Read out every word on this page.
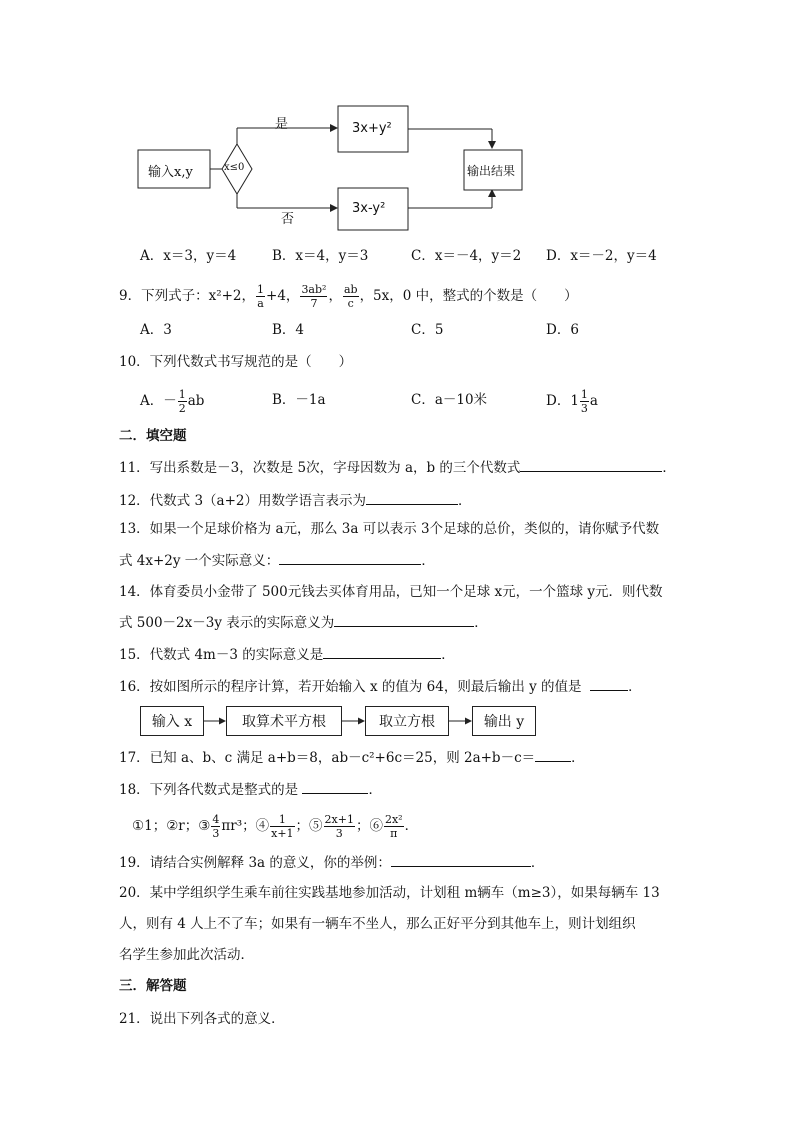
输入x,y	x≤0
是
否
3x+y²
3x-y²
输出结果
A．x＝3，y＝4	B．x＝4，y＝3	C．x＝－4，y＝2 D．x＝－2，y＝4
9．下列式子：x²+2， $\frac{1}{a} +4$， $\frac{\text{3ab²}}{7}$ ， $\frac{ab}{c}$ ，5x，0 中，整式的个数是（　　）
A．3	B．4	C．5	D．6
10．下列代数式书写规范的是（　　）
A．－ $\frac{1}{2}$ ab	B．－1a	C．a－10米	D．$1 \frac{1}{3}$ a
二．填空题
11．写出系数是－3，次数是 5次，字母因数为 a，b 的三个代数式	．
12．代数式 3（a+2）用数学语言表示为	．
13．如果一个足球价格为 a元，那么 3a 可以表示 3个足球的总价，类似的，请你赋予代数
式 4x+2y 一个实际意义：	．
14．体育委员小金带了 500元钱去买体育用品，已知一个足球 x元，一个篮球 y元．则代数
式 500－2x－3y 表示的实际意义为	．
15．代数式 4m－3 的实际意义是	．
16．按如图所示的程序计算，若开始输入 x 的值为 64，则最后输出 y 的值是	．
输入 x	取算术平方根	取立方根	输出 y
17．已知 a、b、c 满足 a+b＝8，ab－c²+6c＝25，则 2a+b－c＝	．
18．下列各代数式是整式的是	．
①1；②r；③ $\frac{4}{3} \pi r^3$；④ $\frac{1}{x+1}$ ；⑤ $\frac{2x+1}{3}$ ；⑥ $\frac{\text{2x²}}{\pi}$ ．
19．请结合实例解释 3a 的意义，你的举例：	．
20．某中学组织学生乘车前往实践基地参加活动，计划租 m辆车（m≥3），如果每辆车 13
人，则有 4 人上不了车；如果有一辆车不坐人，那么正好平分到其他车上，则计划组织
名学生参加此次活动．
三．解答题
21．说出下列各式的意义．
